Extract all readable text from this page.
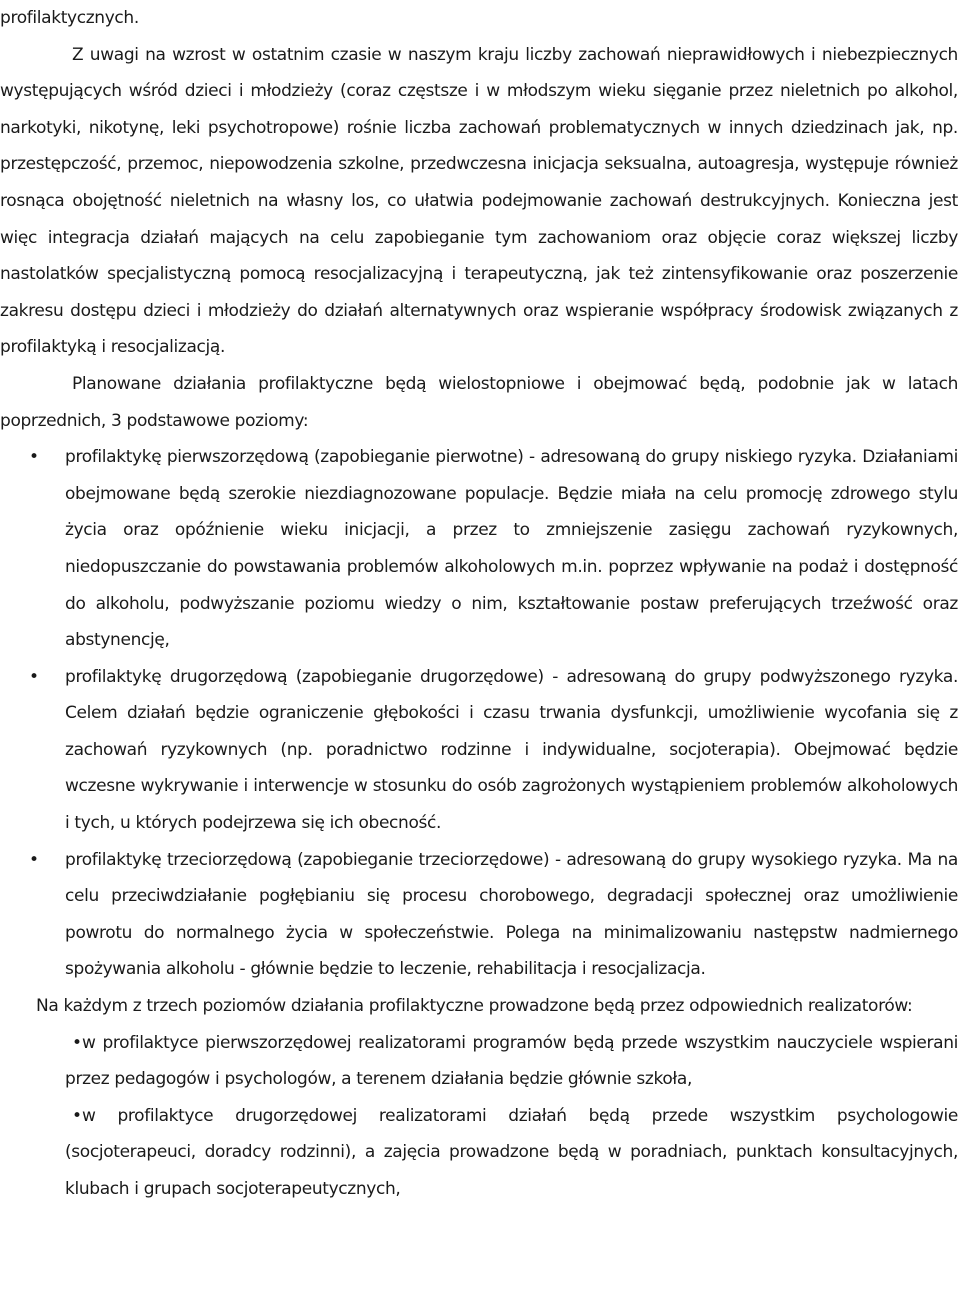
profilaktycznych.

Z uwagi na wzrost w ostatnim czasie w naszym kraju liczby zachowań nieprawidłowych i niebezpiecznych występujących wśród dzieci i młodzieży (coraz częstsze i w młodszym wieku sięganie przez nieletnich po alkohol, narkotyki, nikotynę, leki psychotropowe) rośnie liczba zachowań problematycznych w innych dziedzinach jak, np. przestępczość, przemoc, niepowodzenia szkolne, przedwczesna inicjacja seksualna, autoagresja, występuje również rosnąca obojętność nieletnich na własny los, co ułatwia podejmowanie zachowań destrukcyjnych. Konieczna jest więc integracja działań mających na celu zapobieganie tym zachowaniom oraz objęcie coraz większej liczby nastolatków specjalistyczną pomocą resocjalizacyjną i terapeutyczną, jak też zintensyfikowanie oraz poszerzenie zakresu dostępu dzieci i młodzieży do działań alternatywnych oraz wspieranie współpracy środowisk związanych z profilaktyką i resocjalizacją.

Planowane działania profilaktyczne będą wielostopniowe i obejmować będą, podobnie jak w latach poprzednich, 3 podstawowe poziomy:

• profilaktykę pierwszorzędową (zapobieganie pierwotne) - adresowaną do grupy niskiego ryzyka. Działaniami obejmowane będą szerokie niezdiagnozowane populacje. Będzie miała na celu promocję zdrowego stylu życia oraz opóźnienie wieku inicjacji, a przez to zmniejszenie zasięgu zachowań ryzykownych, niedopuszczanie do powstawania problemów alkoholowych m.in. poprzez wpływanie na podaż i dostępność do alkoholu, podwyższanie poziomu wiedzy o nim, kształtowanie postaw preferujących trzeźwość oraz abstynencję,
• profilaktykę drugorzędową (zapobieganie drugorzędowe) - adresowaną do grupy podwyższonego ryzyka. Celem działań będzie ograniczenie głębokości i czasu trwania dysfunkcji, umożliwienie wycofania się z zachowań ryzykownych (np. poradnictwo rodzinne i indywidualne, socjoterapia). Obejmować będzie wczesne wykrywanie i interwencje w stosunku do osób zagrożonych wystąpieniem problemów alkoholowych i tych, u których podejrzewa się ich obecność.
• profilaktykę trzeciorzędową (zapobieganie trzeciorzędowe) - adresowaną do grupy wysokiego ryzyka. Ma na celu przeciwdziałanie pogłębianiu się procesu chorobowego, degradacji społecznej oraz umożliwienie powrotu do normalnego życia w społeczeństwie. Polega na minimalizowaniu następstw nadmiernego spożywania alkoholu - głównie będzie to leczenie, rehabilitacja i resocjalizacja.

Na każdym z trzech poziomów działania profilaktyczne prowadzone będą przez odpowiednich realizatorów:

• w profilaktyce pierwszorzędowej realizatorami programów będą przede wszystkim nauczyciele wspierani przez pedagogów i psychologów, a terenem działania będzie głównie szkoła,
• w profilaktyce drugorzędowej realizatorami działań będą przede wszystkim psychologowie (socjoterapeuci, doradcy rodzinni), a zajęcia prowadzone będą w poradniach, punktach konsultacyjnych, klubach i grupach socjoterapeutycznych,
